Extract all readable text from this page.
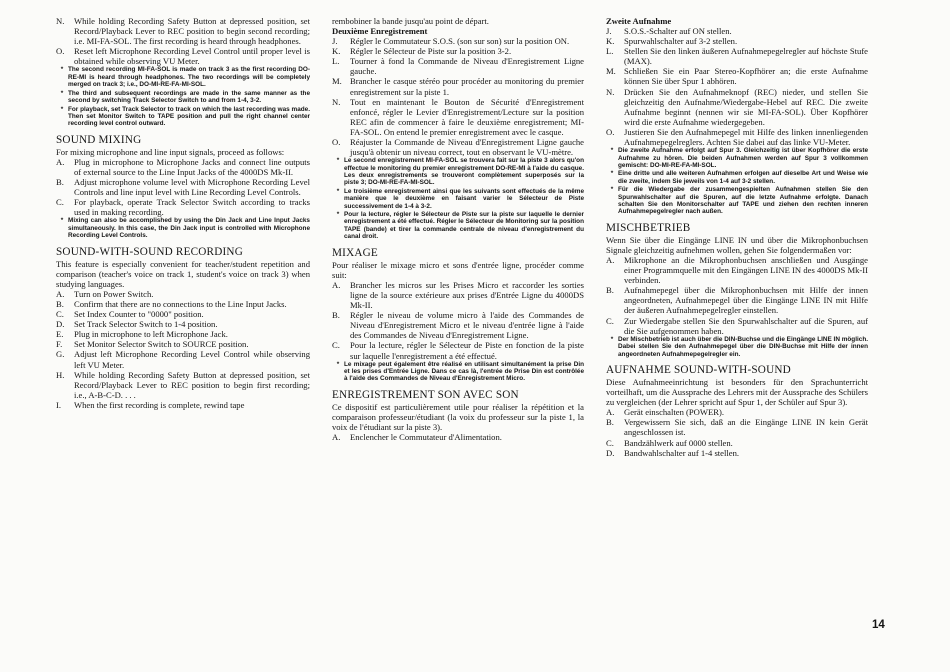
N.	While holding Recording Safety Button at depressed position, set Record/Playback Lever to REC position to begin second recording; i.e. MI-FA-SOL. The first recording is heard through headphones.
O.	Reset left Microphone Recording Level Control until proper level is obtained while observing VU Meter.
* The second recording MI-FA-SOL is made on track 3 as the first recording DO-RE-MI is heard through headphones. The two recordings will be completely merged on track 3; i.e., DO-MI-RE-FA-MI-SOL.
* The third and subsequent recordings are made in the same manner as the second by switching Track Selector Switch to and from 1-4, 3-2.
* For playback, set Track Selector to track on which the last recording was made. Then set Monitor Switch to TAPE position and pull the right channel center recording level control outward.
SOUND MIXING

For mixing microphone and line input signals, proceed as follows:

A.	Plug in microphone to Microphone Jacks and connect line outputs of external source to the Line Input Jacks of the 4000DS Mk-II.
B.	Adjust microphone volume level with Microphone Recording Level Controls and line input level with Line Recording Level Controls.
C.	For playback, operate Track Selector Switch according to tracks used in making recording.
* Mixing can also be accomplished by using the Din Jack and Line Input Jacks simultaneously. In this case, the Din Jack input is controlled with Microphone Recording Level Controls.
SOUND-WITH-SOUND RECORDING

This feature is especially convenient for teacher/student repetition and comparison (teacher's voice on track 1, student's voice on track 3) when studying languages.

A.	Turn on Power Switch.
B.	Confirm that there are no connections to the Line Input Jacks.
C.	Set Index Counter to "0000" position.
D.	Set Track Selector Switch to 1-4 position.
E.	Plug in microphone to left Microphone Jack.
F.	Set Monitor Selector Switch to SOURCE position.
G.	Adjust left Microphone Recording Level Control while observing left VU Meter.
H.	While holding Recording Safety Button at depressed position, set Record/Playback Lever to REC position to begin first recording; i.e., A-B-C-D. . . .
I.	When the first recording is complete, rewind tape

rembobiner la bande jusqu'au point de départ.

Deuxième Enregistrement
J.	Régler le Commutateur S.O.S. (son sur son) sur la position ON.
K.	Régler le Sélecteur de Piste sur la position 3-2.
L.	Tourner à fond la Commande de Niveau d'Enregistrement Ligne gauche.
M. Brancher le casque stéréo pour procéder au monitoring du premier enregistrement sur la piste 1.
N.	Tout en maintenant le Bouton de Sécurité d'Enregistrement enfoncé, régler le Levier d'Enregistrement/Lecture sur la position REC afin de commencer à faire le deuxième enregistrement; MI-FA-SOL. On entend le premier enregistrement avec le casque.
O.	Réajuster la Commande de Niveau d'Enregistrement Ligne gauche jusqu'à obtenir un niveau correct, tout en observant le VU-mètre.
* Le second enregistrement MI-FA-SOL se trouvera fait sur la piste 3 alors qu'on effectue le monitoring du premier enregistrement DO-RE-MI à l'aide du casque. Les deux enregistrements se trouveront complètement superposés sur la piste 3; DO-MI-RE-FA-MI-SOL.
* Le troisième enregistrement ainsi que les suivants sont effectués de la même manière que le deuxième en faisant varier le Sélecteur de Piste successivement de 1-4 à 3-2.
* Pour la lecture, régler le Sélecteur de Piste sur la piste sur laquelle le dernier enregistrement a été effectué. Régler le Sélecteur de Monitoring sur la position TAPE (bande) et tirer la commande centrale de niveau d'enregistrement du canal droit.
MIXAGE

Pour réaliser le mixage micro et sons d'entrée ligne, procéder comme suit:

A.	Brancher les micros sur les Prises Micro et raccorder les sorties ligne de la source extérieure aux prises d'Entrée Ligne du 4000DS Mk-II.
B.	Régler le niveau de volume micro à l'aide des Commandes de Niveau d'Enregistrement Micro et le niveau d'entrée ligne à l'aide des Commandes de Niveau d'Enregistrement Ligne.
C.	Pour la lecture, régler le Sélecteur de Piste en fonction de la piste sur laquelle l'enregistrement a été effectué.
* Le mixage peut également être réalisé en utilisant simultanément la prise Din et les prises d'Entrée Ligne. Dans ce cas là, l'entrée de Prise Din est contrôlée à l'aide des Commandes de Niveau d'Enregistrement Micro.
ENREGISTREMENT SON AVEC SON

Ce dispositif est particulièrement utile pour réaliser la répétition et la comparaison professeur/étudiant (la voix du professeur sur la piste 1, la voix de l'étudiant sur la piste 3).

A.	Enclencher le Commutateur d'Alimentation.
Zweite Aufnahme
J.	S.O.S.-Schalter auf ON stellen.
K.	Spurwahlschalter auf 3-2 stellen.
L.	Stellen Sie den linken äußeren Aufnahmepegelregler auf höchste Stufe (MAX).
M. Schließen Sie ein Paar Stereo-Kopfhörer an; die erste Aufnahme können Sie über Spur 1 abhören.
N.	Drücken Sie den Aufnahmeknopf (REC) nieder, und stellen Sie gleichzeitig den Aufnahme/Wiedergabe-Hebel auf REC. Die zweite Aufnahme beginnt (nennen wir sie MI-FA-SOL). Über Kopfhörer wird die erste Aufnahme wiedergegeben.
O.	Justieren Sie den Aufnahmepegel mit Hilfe des linken innenliegenden Aufnahmepegelreglers. Achten Sie dabei auf das linke VU-Meter.
* Die zweite Aufnahme erfolgt auf Spur 3. Gleichzeitig ist über Kopfhörer die erste Aufnahme zu hören. Die beiden Aufnahmen werden auf Spur 3 vollkommen gemischt: DO-MI-RE-FA-MI-SOL.
* Eine dritte und alle weiteren Aufnahmen erfolgen auf dieselbe Art und Weise wie die zweite, indem Sie jeweils von 1-4 auf 3-2 stellen.
* Für die Wiedergabe der zusammengespielten Aufnahmen stellen Sie den Spurwahlschalter auf die Spuren, auf die letzte Aufnahme erfolgte. Danach schalten Sie den Monitorschalter auf TAPE und ziehen den rechten inneren Aufnahmepegelregler nach außen.
MISCHBETRIEB

Wenn Sie über die Eingänge LINE IN und über die Mikrophonbuchsen Signale gleichzeitig aufnehmen wollen, gehen Sie folgendermaßen vor:

A.	Mikrophone an die Mikrophonbuchsen anschließen und Ausgänge einer Programmquelle mit den Eingängen LINE IN des 4000DS Mk-II verbinden.
B.	Aufnahmepegel über die Mikrophonbuchsen mit Hilfe der innen angeordneten, Aufnahmepegel über die Eingänge LINE IN mit Hilfe der äußeren Aufnahmepegelregler einstellen.
C.	Zur Wiedergabe stellen Sie den Spurwahlschalter auf die Spuren, auf die Sie aufgenommen haben.
* Der Mischbetrieb ist auch über die DIN-Buchse und die Eingänge LINE IN möglich. Dabei stellen Sie den Aufnahmepegel über die DIN-Buchse mit Hilfe der innen angeordneten Aufnahmepegelregler ein.
AUFNAHME SOUND-WITH-SOUND

Diese Aufnahmeeinrichtung ist besonders für den Sprachunterricht vorteilhaft, um die Aussprache des Lehrers mit der Aussprache des Schülers zu vergleichen (der Lehrer spricht auf Spur 1, der Schüler auf Spur 3).

A.	Gerät einschalten (POWER).
B.	Vergewissern Sie sich, daß an die Eingänge LINE IN kein Gerät angeschlossen ist.
C.	Bandzählwerk auf 0000 stellen.
D.	Bandwahlschalter auf 1-4 stellen.
14
